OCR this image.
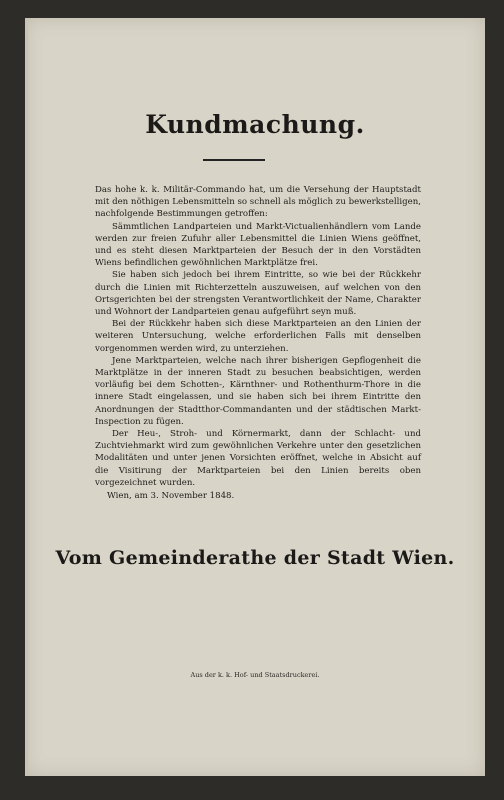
Kundmachung.

Das hohe k. k. Militär-Commando hat, um die Versehung der Hauptstadt mit den nöthigen Lebensmitteln so schnell als möglich zu bewerkstelligen, nachfolgende Bestimmungen getroffen:

Sämmtlichen Landparteien und Markt-Victualienhändlern vom Lande werden zur freien Zufuhr aller Lebensmittel die Linien Wiens geöffnet, und es steht diesen Marktparteien der Besuch der in den Vorstädten Wiens befindlichen gewöhnlichen Marktplätze frei.

Sie haben sich jedoch bei ihrem Eintritte, so wie bei der Rückkehr durch die Linien mit Richterzetteln auszuweisen, auf welchen von den Ortsgerichten bei der strengsten Verantwortlichkeit der Name, Charakter und Wohnort der Landparteien genau aufgeführt seyn muß.

Bei der Rückkehr haben sich diese Marktparteien an den Linien der weiteren Untersuchung, welche erforderlichen Falls mit denselben vorgenommen werden wird, zu unterziehen.

Jene Marktparteien, welche nach ihrer bisherigen Gepflogenheit die Marktplätze in der inneren Stadt zu besuchen beabsichtigen, werden vorläufig bei dem Schotten-, Kärnthner- und Rothenthurm-Thore in die innere Stadt eingelassen, und sie haben sich bei ihrem Eintritte den Anordnungen der Stadtthor-Commandanten und der städtischen Markt-Inspection zu fügen.

Der Heu-, Stroh- und Körnermarkt, dann der Schlacht- und Zuchtviehmarkt wird zum gewöhnlichen Verkehre unter den gesetzlichen Modalitäten und unter jenen Vorsichten eröffnet, welche in Absicht auf die Visitirung der Marktparteien bei den Linien bereits oben vorgezeichnet wurden.

Wien, am 3. November 1848.

Vom Gemeinderathe der Stadt Wien.
Aus der k. k. Hof- und Staatsdruckerei.
